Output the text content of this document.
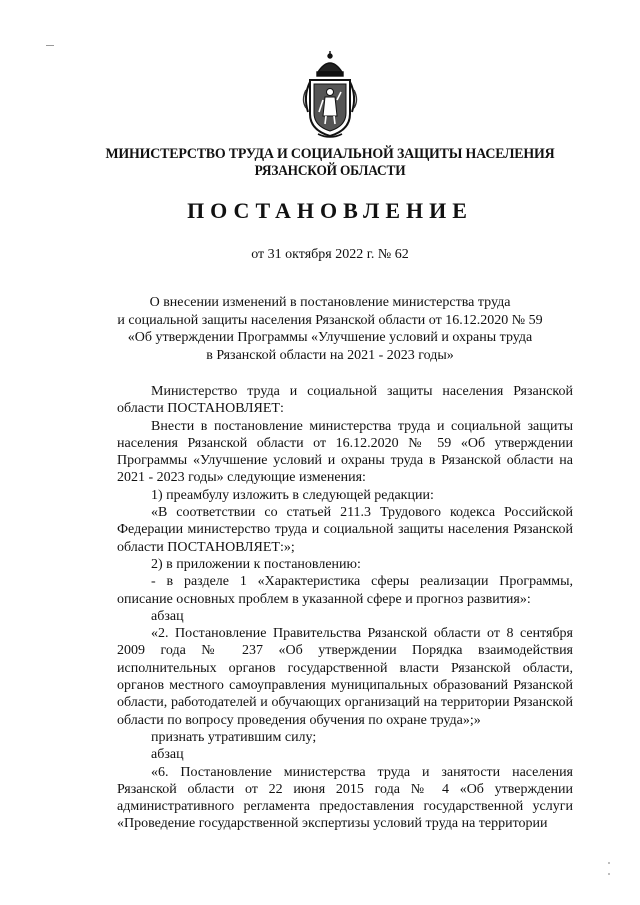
МИНИСТЕРСТВО ТРУДА И СОЦИАЛЬНОЙ ЗАЩИТЫ НАСЕЛЕНИЯ
РЯЗАНСКОЙ ОБЛАСТИ
ПОСТАНОВЛЕНИЕ
от 31 октября 2022 г. № 62
О внесении изменений в постановление министерства труда
и социальной защиты населения Рязанской области от 16.12.2020 № 59
«Об утверждении Программы «Улучшение условий и охраны труда
в Рязанской области на 2021 - 2023 годы»

Министерство труда и социальной защиты населения Рязанской области ПОСТАНОВЛЯЕТ:

Внести в постановление министерства труда и социальной защиты населения Рязанской области от 16.12.2020 № 59 «Об утверждении Программы «Улучшение условий и охраны труда в Рязанской области на 2021 - 2023 годы» следующие изменения:

1) преамбулу изложить в следующей редакции:

«В соответствии со статьей 211.3 Трудового кодекса Российской Федерации министерство труда и социальной защиты населения Рязанской области ПОСТАНОВЛЯЕТ:»;

2) в приложении к постановлению:

- в разделе 1 «Характеристика сферы реализации Программы, описание основных проблем в указанной сфере и прогноз развития»:

абзац

«2. Постановление Правительства Рязанской области от 8 сентября 2009 года № 237 «Об утверждении Порядка взаимодействия исполнительных органов государственной власти Рязанской области, органов местного самоуправления муниципальных образований Рязанской области, работодателей и обучающих организаций на территории Рязанской области по вопросу проведения обучения по охране труда»;»

признать утратившим силу;

абзац

«6. Постановление министерства труда и занятости населения Рязанской области от 22 июня 2015 года № 4 «Об утверждении административного регламента предоставления государственной услуги «Проведение государственной экспертизы условий труда на территории
